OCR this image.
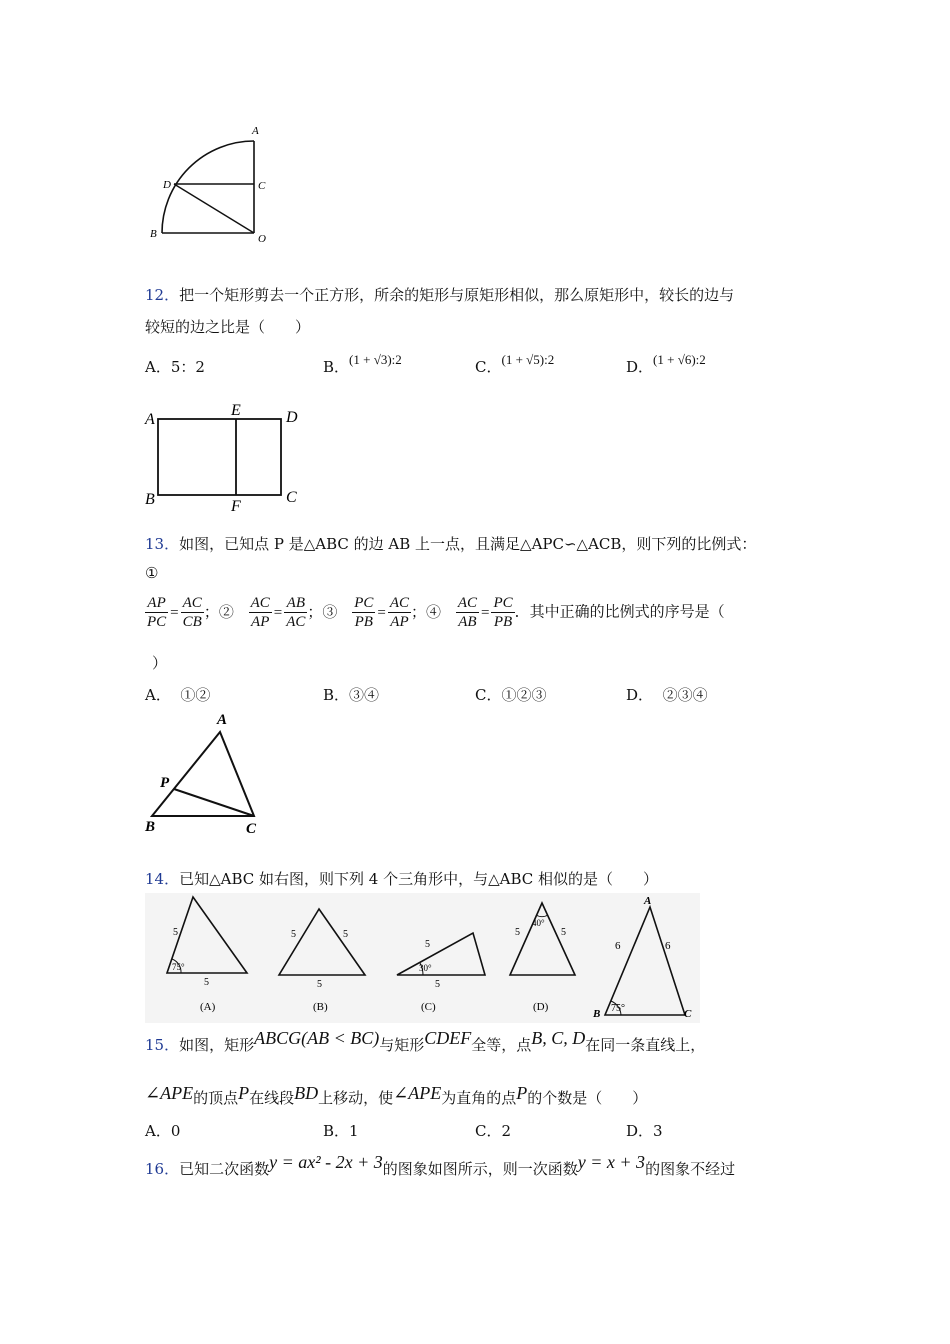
A
D	C
B	O
12．把一个矩形剪去一个正方形，所余的矩形与原矩形相似，那么原矩形中，较长的边与
较短的边之比是（　　）
A．5：2	B．(1 + √3):2	C．(1 + √5):2	D．(1 + √6):2
A
E	D
B	F
C
13．如图，已知点 P 是△ABC 的边 AB 上一点，且满足△APC∽△ACB，则下列的比例式：
①
$\frac{AP}{PC} = \frac{AC}{CB}$ ；② $\frac{AC}{AP} = \frac{AB}{AC}$ ；③ $\frac{PC}{PB} = \frac{AC}{AP}$ ；④ $\frac{AC}{AB} = \frac{PC}{PB}$ ．其中正确的比例式的序号是（
）
A． ①②	B．③④	C．①②③	D． ②③④
A
P
B	C
14．已知△ABC 如右图，则下列 4 个三角形中，与△ABC 相似的是（　　）
5
5
75°
(A)
5	5
5
(B)
5
5
30°
(C)
5	5
40°
(D)
A
B	C
6	6
75°
15．如图，矩形ABCG(AB < BC)与矩形CDEF全等，点B, C, D在同一条直线上，
∠APE的顶点P在线段BD上移动，使∠APE为直角的点P的个数是（　　）
A．0	B．1	C．2	D．3
16．已知二次函数y = ax² - 2x + 3的图象如图所示，则一次函数y = x + 3的图象不经过
